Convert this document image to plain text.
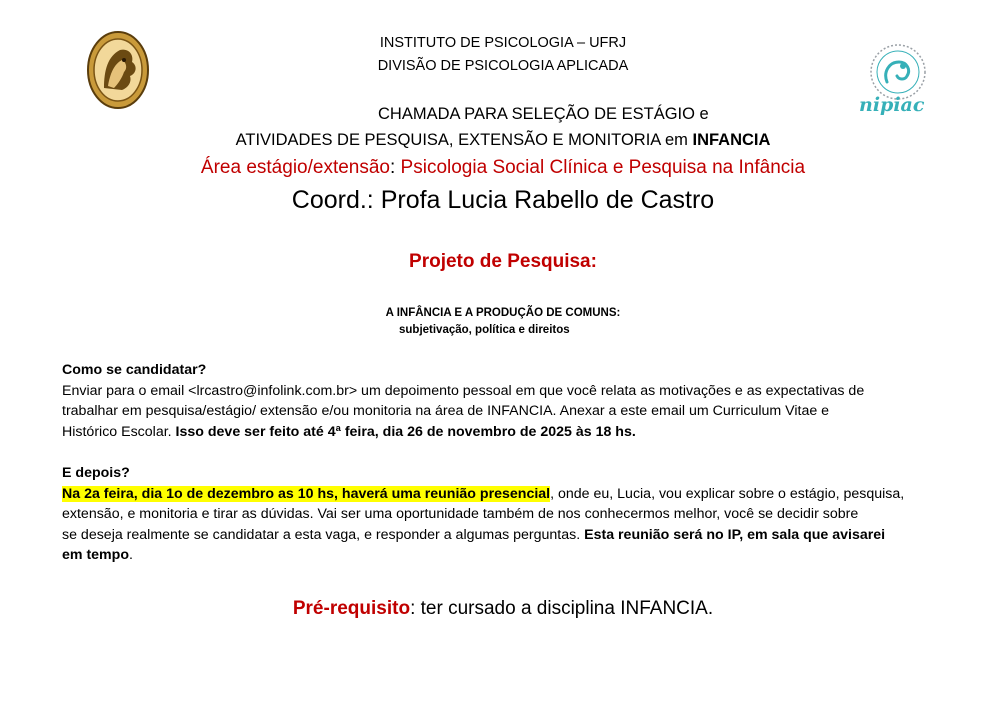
INSTITUTO DE PSICOLOGIA – UFRJ
DIVISÃO DE PSICOLOGIA APLICADA
nipiac
CHAMADA PARA SELEÇÃO DE ESTÁGIO e
ATIVIDADES DE PESQUISA, EXTENSÃO E MONITORIA em INFANCIA
Área estágio/extensão: Psicologia Social Clínica e Pesquisa na Infância
Coord.: Profa Lucia Rabello de Castro
Projeto de Pesquisa:
A INFÂNCIA E A PRODUÇÃO DE COMUNS:
subjetivação, política e direitos
Como se candidatar?
Enviar para o email <lrcastro@infolink.com.br> um depoimento pessoal em que você relata as motivações e as expectativas de
trabalhar em pesquisa/estágio/ extensão e/ou monitoria na área de INFANCIA. Anexar a este email um Curriculum Vitae e
Histórico Escolar. Isso deve ser feito até 4ª feira, dia 26 de novembro de 2025 às 18 hs.
E depois?
Na 2a feira, dia 1o de dezembro as 10 hs, haverá uma reunião presencial, onde eu, Lucia, vou explicar sobre o estágio, pesquisa,
extensão, e monitoria e tirar as dúvidas. Vai ser uma oportunidade também de nos conhecermos melhor, você se decidir sobre
se deseja realmente se candidatar a esta vaga, e responder a algumas perguntas. Esta reunião será no IP, em sala que avisarei
em tempo.
Pré-requisito: ter cursado a disciplina INFANCIA.
